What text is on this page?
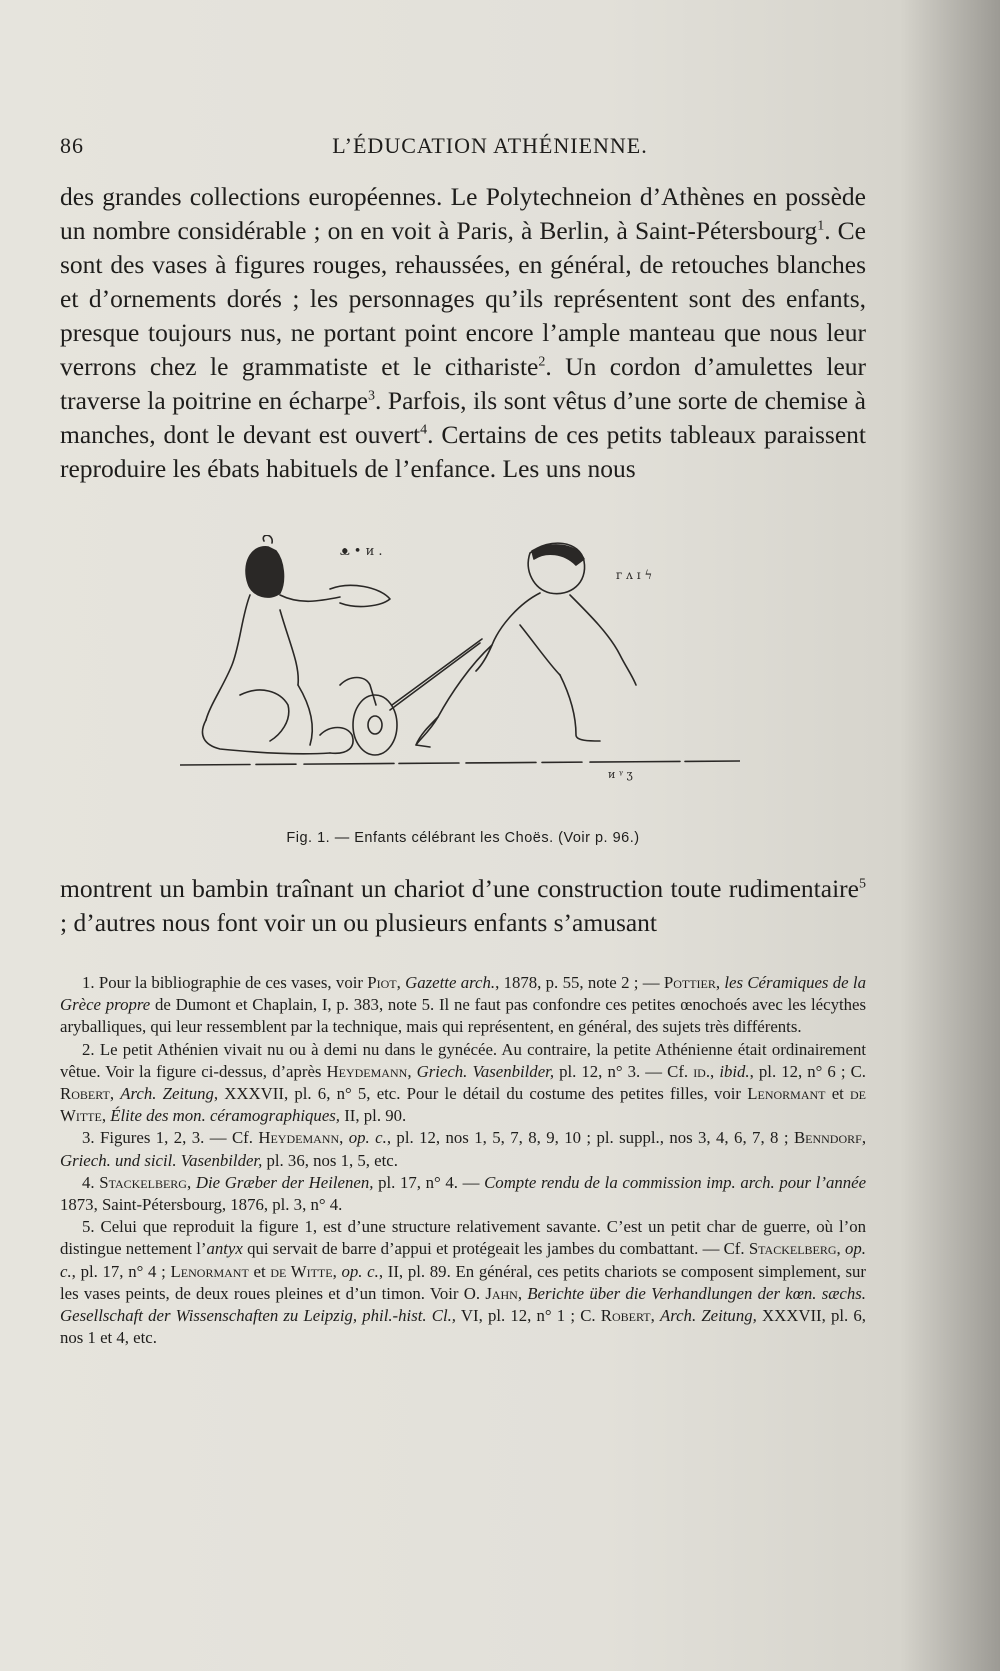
86	L’ÉDUCATION ATHÉNIENNE.

des grandes collections européennes. Le Polytechneion d’Athènes en possède un nombre considérable ; on en voit à Paris, à Berlin, à Saint-Pétersbourg$^1$. Ce sont des vases à figures rouges, rehaussées, en général, de retouches blanches et d’ornements dorés ; les personnages qu’ils représentent sont des enfants, presque toujours nus, ne portant point encore l’ample manteau que nous leur verrons chez le grammatiste et le cithariste$^2$. Un cordon d’amulettes leur traverse la poitrine en écharpe$^3$. Parfois, ils sont vêtus d’une sorte de chemise à manches, dont le devant est ouvert$^4$. Certains de ces petits tableaux paraissent reproduire les ébats habituels de l’enfance. Les uns nous

ᴥ • ᴎ .
ᴦ ᴧ ɪ ϟ
ᴎ ᵞ ʒ
Fig. 1. — Enfants célébrant les Choës. (Voir p. 96.)

montrent un bambin traînant un chariot d’une construction toute rudimentaire$^5$ ; d’autres nous font voir un ou plusieurs enfants s’amusant

1. Pour la bibliographie de ces vases, voir Piot, Gazette arch., 1878, p. 55, note 2 ; — Pottier, les Céramiques de la Grèce propre de Dumont et Chaplain, I, p. 383, note 5. Il ne faut pas confondre ces petites œnochoés avec les lécythes aryballiques, qui leur ressemblent par la technique, mais qui représentent, en général, des sujets très différents.

2. Le petit Athénien vivait nu ou à demi nu dans le gynécée. Au contraire, la petite Athénienne était ordinairement vêtue. Voir la figure ci-dessus, d’après Heydemann, Griech. Vasenbilder, pl. 12, n° 3. — Cf. id., ibid., pl. 12, n° 6 ; C. Robert, Arch. Zeitung, XXXVII, pl. 6, n° 5, etc. Pour le détail du costume des petites filles, voir Lenormant et de Witte, Élite des mon. céramographiques, II, pl. 90.

3. Figures 1, 2, 3. — Cf. Heydemann, op. c., pl. 12, nos 1, 5, 7, 8, 9, 10 ; pl. suppl., nos 3, 4, 6, 7, 8 ; Benndorf, Griech. und sicil. Vasenbilder, pl. 36, nos 1, 5, etc.

4. Stackelberg, Die Græber der Heilenen, pl. 17, n° 4. — Compte rendu de la commission imp. arch. pour l’année 1873, Saint-Pétersbourg, 1876, pl. 3, n° 4.

5. Celui que reproduit la figure 1, est d’une structure relativement savante. C’est un petit char de guerre, où l’on distingue nettement l’antyx qui servait de barre d’appui et protégeait les jambes du combattant. — Cf. Stackelberg, op. c., pl. 17, n° 4 ; Lenormant et de Witte, op. c., II, pl. 89. En général, ces petits chariots se composent simplement, sur les vases peints, de deux roues pleines et d’un timon. Voir O. Jahn, Berichte über die Verhandlungen der kœn. sæchs. Gesellschaft der Wissenschaften zu Leipzig, phil.-hist. Cl., VI, pl. 12, n° 1 ; C. Robert, Arch. Zeitung, XXXVII, pl. 6, nos 1 et 4, etc.
